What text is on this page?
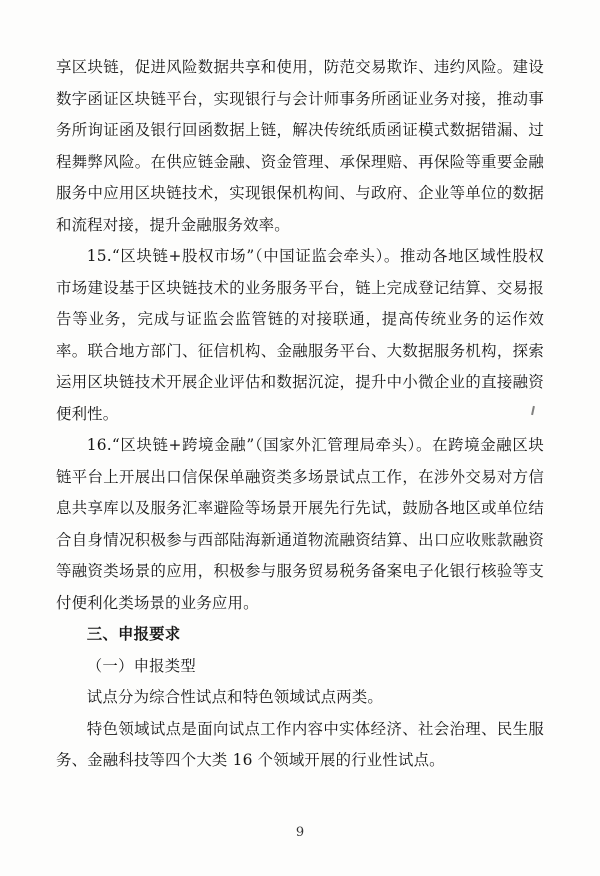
享区块链，促进风险数据共享和使用，防范交易欺诈、违约风险。建设数字函证区块链平台，实现银行与会计师事务所函证业务对接，推动事务所询证函及银行回函数据上链，解决传统纸质函证模式数据错漏、过程舞弊风险。在供应链金融、资金管理、承保理赔、再保险等重要金融服务中应用区块链技术，实现银保机构间、与政府、企业等单位的数据和流程对接，提升金融服务效率。

15.“区块链+股权市场”（中国证监会牵头）。推动各地区域性股权市场建设基于区块链技术的业务服务平台，链上完成登记结算、交易报告等业务，完成与证监会监管链的对接联通，提高传统业务的运作效率。联合地方部门、征信机构、金融服务平台、大数据服务机构，探索运用区块链技术开展企业评估和数据沉淀，提升中小微企业的直接融资便利性。

16.“区块链+跨境金融”（国家外汇管理局牵头）。在跨境金融区块链平台上开展出口信保保单融资类多场景试点工作，在涉外交易对方信息共享库以及服务汇率避险等场景开展先行先试，鼓励各地区或单位结合自身情况积极参与西部陆海新通道物流融资结算、出口应收账款融资等融资类场景的应用，积极参与服务贸易税务备案电子化银行核验等支付便利化类场景的业务应用。

三、申报要求

（一）申报类型

试点分为综合性试点和特色领域试点两类。

特色领域试点是面向试点工作内容中实体经济、社会治理、民生服务、金融科技等四个大类 16 个领域开展的行业性试点。

9
